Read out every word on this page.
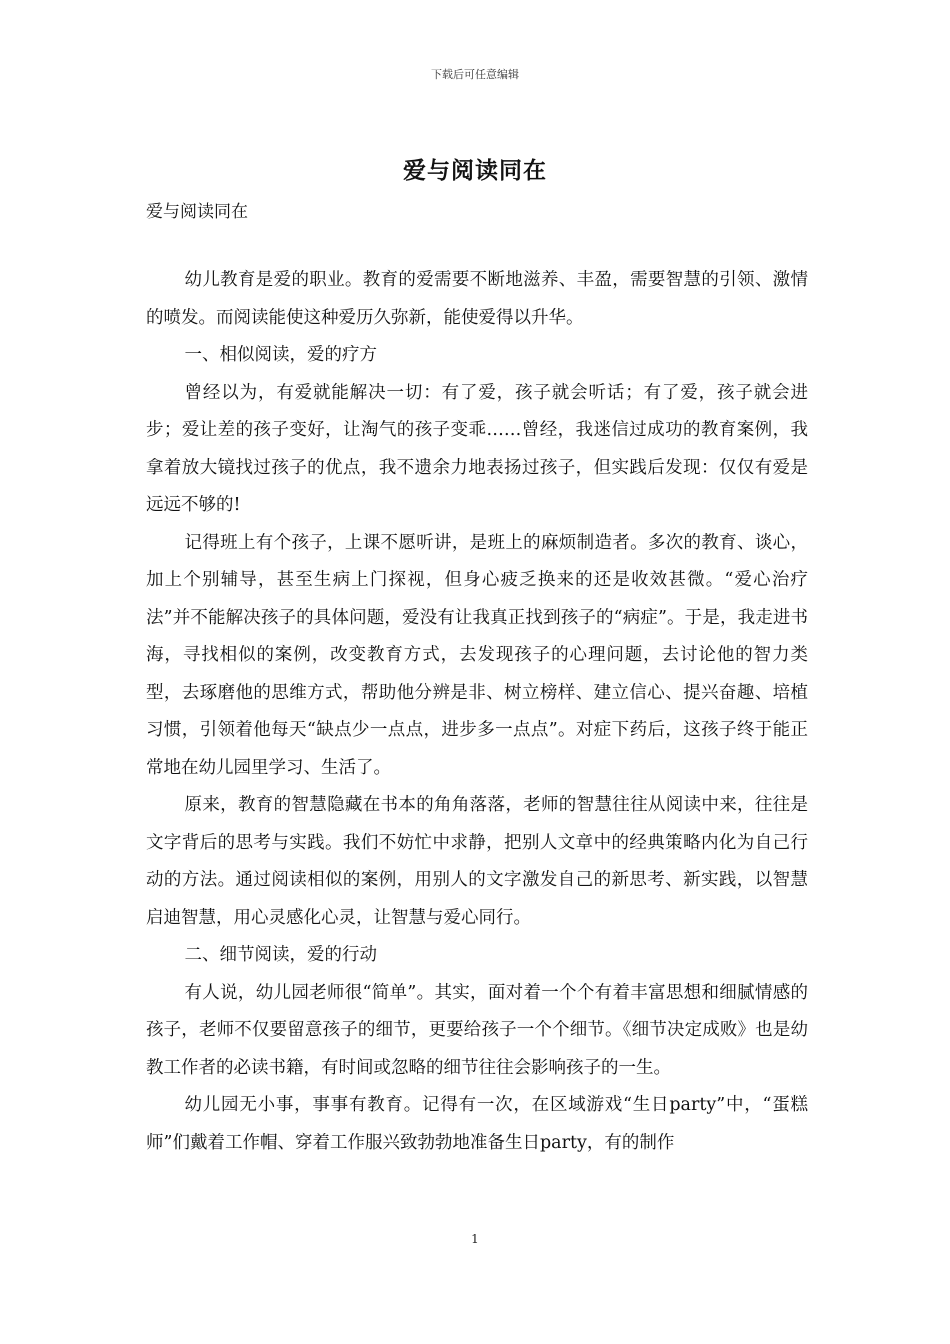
下载后可任意编辑
爱与阅读同在

爱与阅读同在

幼儿教育是爱的职业。教育的爱需要不断地滋养、丰盈，需要智慧的引领、激情的喷发。而阅读能使这种爱历久弥新，能使爱得以升华。

一、相似阅读，爱的疗方

曾经以为，有爱就能解决一切：有了爱，孩子就会听话；有了爱，孩子就会进步；爱让差的孩子变好，让淘气的孩子变乖……曾经，我迷信过成功的教育案例，我拿着放大镜找过孩子的优点，我不遗余力地表扬过孩子，但实践后发现：仅仅有爱是远远不够的!

记得班上有个孩子，上课不愿听讲，是班上的麻烦制造者。多次的教育、谈心，加上个别辅导，甚至生病上门探视，但身心疲乏换来的还是收效甚微。“爱心治疗法”并不能解决孩子的具体问题，爱没有让我真正找到孩子的“病症”。于是，我走进书海，寻找相似的案例，改变教育方式，去发现孩子的心理问题，去讨论他的智力类型，去琢磨他的思维方式，帮助他分辨是非、树立榜样、建立信心、提兴奋趣、培植习惯，引领着他每天“缺点少一点点，进步多一点点”。对症下药后，这孩子终于能正常地在幼儿园里学习、生活了。

原来，教育的智慧隐藏在书本的角角落落，老师的智慧往往从阅读中来，往往是文字背后的思考与实践。我们不妨忙中求静，把别人文章中的经典策略内化为自己行动的方法。通过阅读相似的案例，用别人的文字激发自己的新思考、新实践，以智慧启迪智慧，用心灵感化心灵，让智慧与爱心同行。

二、细节阅读，爱的行动

有人说，幼儿园老师很“简单”。其实，面对着一个个有着丰富思想和细腻情感的孩子，老师不仅要留意孩子的细节，更要给孩子一个个细节。《细节决定成败》也是幼教工作者的必读书籍，有时间或忽略的细节往往会影响孩子的一生。

幼儿园无小事，事事有教育。记得有一次，在区域游戏“生日party”中，“蛋糕师”们戴着工作帽、穿着工作服兴致勃勃地准备生日party，有的制作

1
